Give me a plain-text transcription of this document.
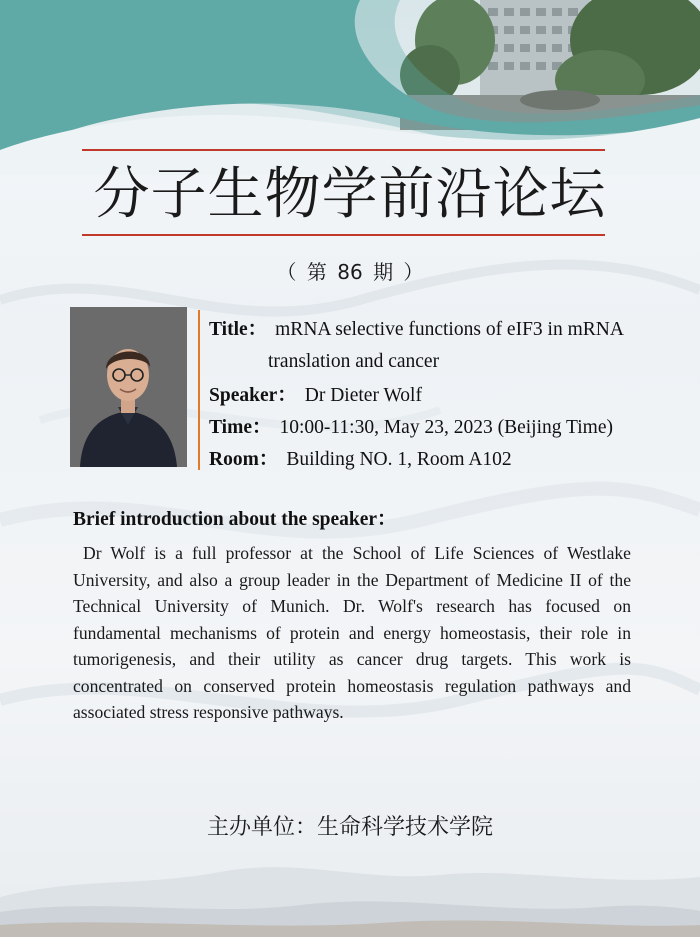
分子生物学前沿论坛
（ 第 86 期 ）
Title： mRNA selective functions of eIF3 in mRNA
translation and cancer
Speaker： Dr Dieter Wolf
Time： 10:00-11:30, May 23, 2023 (Beijing Time)
Room： Building NO. 1, Room A102
Brief introduction about the speaker：
Dr Wolf is a full professor at the School of Life Sciences of Westlake University, and also a group leader in the Department of Medicine II of the Technical University of Munich. Dr. Wolf's research has focused on fundamental mechanisms of protein and energy homeostasis, their role in tumorigenesis, and their utility as cancer drug targets. This work is concentrated on conserved protein homeostasis regulation pathways and associated stress responsive pathways.
主办单位：生命科学技术学院
